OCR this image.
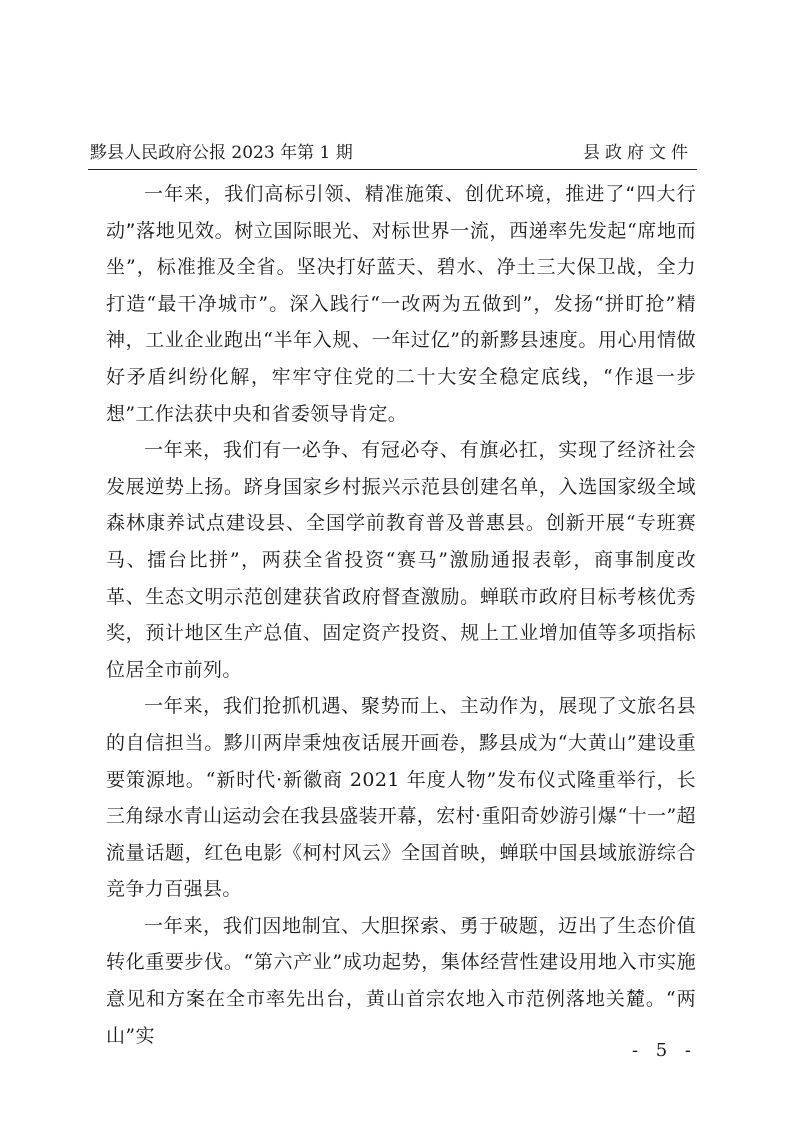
黟县人民政府公报 2023 年第 1 期	县政府文件

一年来，我们高标引领、精准施策、创优环境，推进了“四大行动”落地见效。树立国际眼光、对标世界一流，西递率先发起“席地而坐”，标准推及全省。坚决打好蓝天、碧水、净土三大保卫战，全力打造“最干净城市”。深入践行“一改两为五做到”，发扬“拼盯抢”精神，工业企业跑出“半年入规、一年过亿”的新黟县速度。用心用情做好矛盾纠纷化解，牢牢守住党的二十大安全稳定底线，“作退一步想”工作法获中央和省委领导肯定。

一年来，我们有一必争、有冠必夺、有旗必扛，实现了经济社会发展逆势上扬。跻身国家乡村振兴示范县创建名单，入选国家级全域森林康养试点建设县、全国学前教育普及普惠县。创新开展“专班赛马、擂台比拼”，两获全省投资“赛马”激励通报表彰，商事制度改革、生态文明示范创建获省政府督查激励。蝉联市政府目标考核优秀奖，预计地区生产总值、固定资产投资、规上工业增加值等多项指标位居全市前列。

一年来，我们抢抓机遇、聚势而上、主动作为，展现了文旅名县的自信担当。黟川两岸秉烛夜话展开画卷，黟县成为“大黄山”建设重要策源地。“新时代·新徽商 2021 年度人物”发布仪式隆重举行，长三角绿水青山运动会在我县盛装开幕，宏村·重阳奇妙游引爆“十一”超流量话题，红色电影《柯村风云》全国首映，蝉联中国县域旅游综合竞争力百强县。

一年来，我们因地制宜、大胆探索、勇于破题，迈出了生态价值转化重要步伐。“第六产业”成功起势，集体经营性建设用地入市实施意见和方案在全市率先出台，黄山首宗农地入市范例落地关麓。“两山”实

- 5 -
